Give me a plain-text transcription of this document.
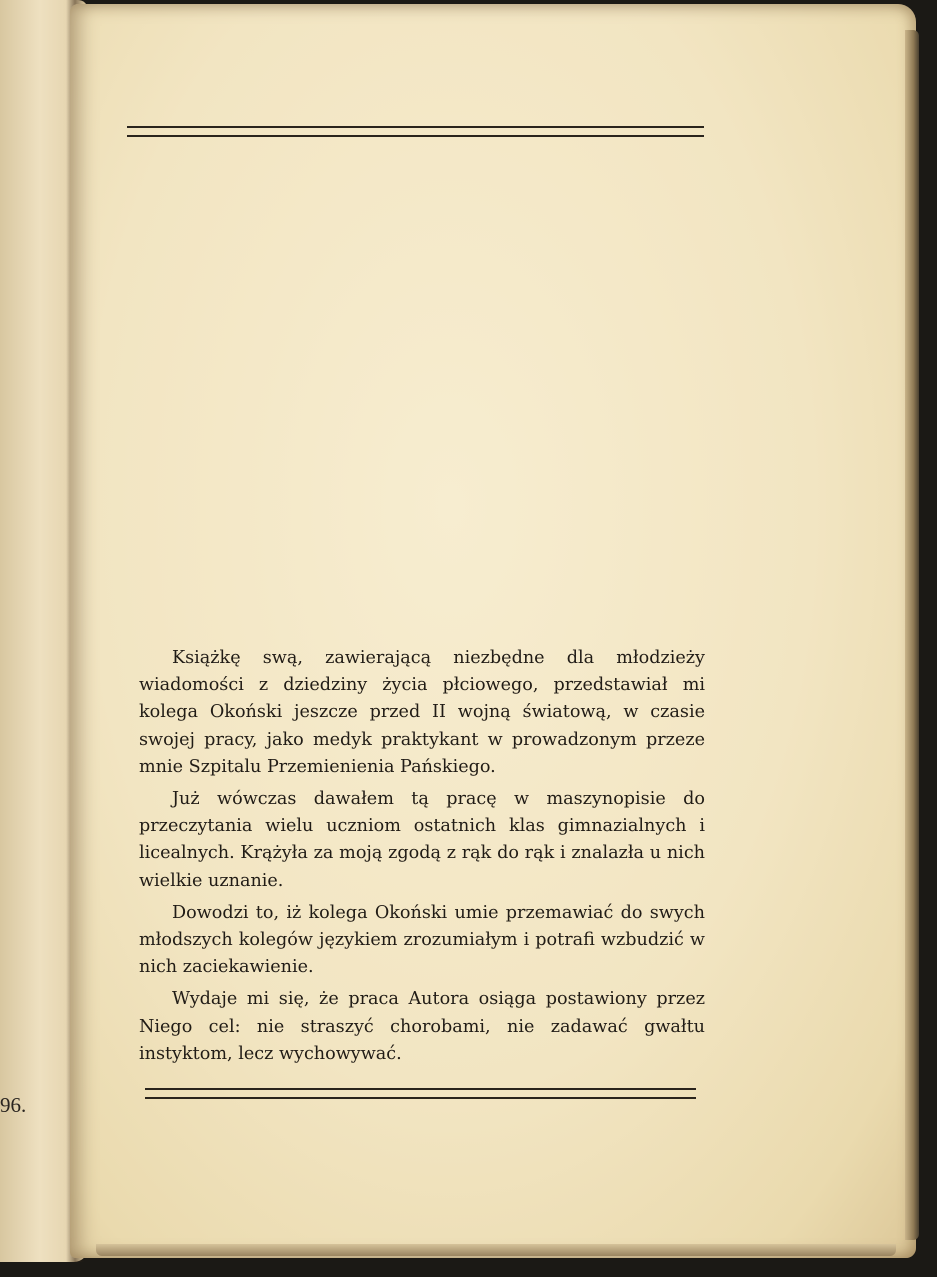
96.

Książkę swą, zawierającą niezbędne dla młodzieży wiadomości z dziedziny życia płciowego, przedstawiał mi kolega Okoński jeszcze przed II wojną światową, w czasie swojej pracy, jako medyk praktykant w prowadzonym przeze mnie Szpitalu Przemienienia Pańskiego.

Już wówczas dawałem tą pracę w maszynopisie do przeczytania wielu uczniom ostatnich klas gimnazialnych i licealnych. Krążyła za moją zgodą z rąk do rąk i znalazła u nich wielkie uznanie.

Dowodzi to, iż kolega Okoński umie przemawiać do swych młodszych kolegów językiem zrozumiałym i potrafi wzbudzić w nich zaciekawienie.

Wydaje mi się, że praca Autora osiąga postawiony przez Niego cel: nie straszyć chorobami, nie zadawać gwałtu instyktom, lecz wychowywać.
